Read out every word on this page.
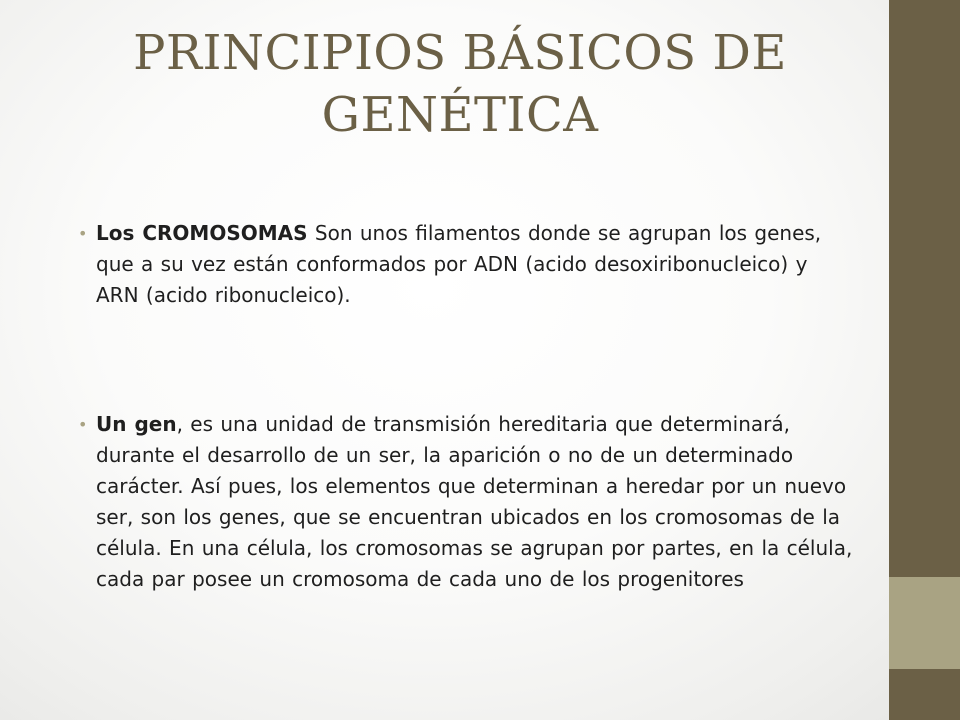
PRINCIPIOS BÁSICOS DE GENÉTICA
• Los CROMOSOMAS Son unos filamentos donde se agrupan los genes, que a su vez están conformados por ADN (acido desoxiribonucleico) y ARN (acido ribonucleico).
• Un gen, es una unidad de transmisión hereditaria que determinará, durante el desarrollo de un ser, la aparición o no de un determinado carácter. Así pues, los elementos que determinan a heredar por un nuevo ser, son los genes, que se encuentran ubicados en los cromosomas de la célula. En una célula, los cromosomas se agrupan por partes, en la célula, cada par posee un cromosoma de cada uno de los progenitores
